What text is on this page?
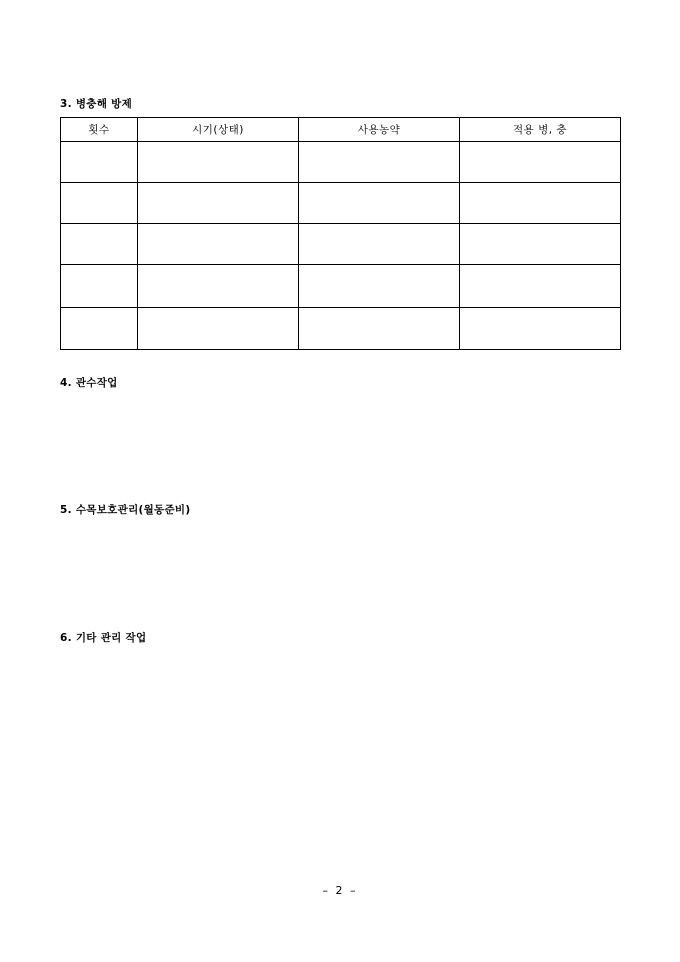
3. 병충해 방제
횟수	시기(상태)	사용농약	적용 병, 충

4. 관수작업
5. 수목보호관리(월동준비)
6. 기타 관리 작업
– 2 –
